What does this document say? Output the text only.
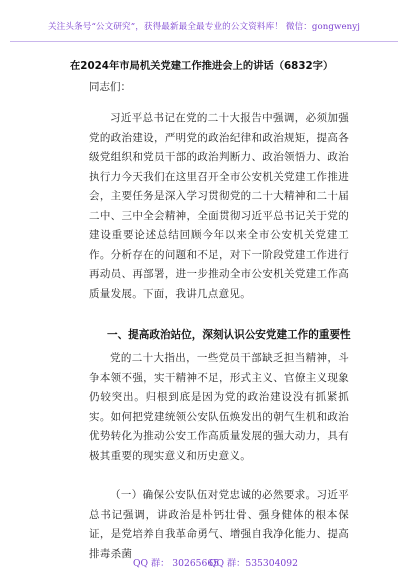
关注头条号“公文研究”，获得最新最全最专业的公文资料库！ 微信：gongwenyj
在2024年市局机关党建工作推进会上的讲话（6832字）
同志们：

习近平总书记在党的二十大报告中强调，必须加强党的政治建设，严明党的政治纪律和政治规矩，提高各级党组织和党员干部的政治判断力、政治领悟力、政治执行力今天我们在这里召开全市公安机关党建工作推进会，主要任务是深入学习贯彻党的二十大精神和二十届二中、三中全会精神，全面贯彻习近平总书记关于党的建设重要论述总结回顾今年以来全市公安机关党建工作。分析存在的问题和不足，对下一阶段党建工作进行再动员、再部署，进一步推动全市公安机关党建工作高质量发展。下面，我讲几点意见。

一、提高政治站位，深刻认识公安党建工作的重要性

党的二十大指出，一些党员干部缺乏担当精神，斗争本领不强，实干精神不足，形式主义、官僚主义现象仍较突出。归根到底是因为党的政治建设没有抓紧抓实。如何把党建统领公安队伍焕发出的朝气生机和政治优势转化为推动公安工作高质量发展的强大动力，具有极其重要的现实意义和历史意义。

（一）确保公安队伍对党忠诚的必然要求。习近平总书记强调，讲政治是朴钙壮骨、强身健体的根本保证，是党培养自我革命勇气、增强自我净化能力、提高排毒杀菌

QQ 群： 30265665
QQ 群：535304092
